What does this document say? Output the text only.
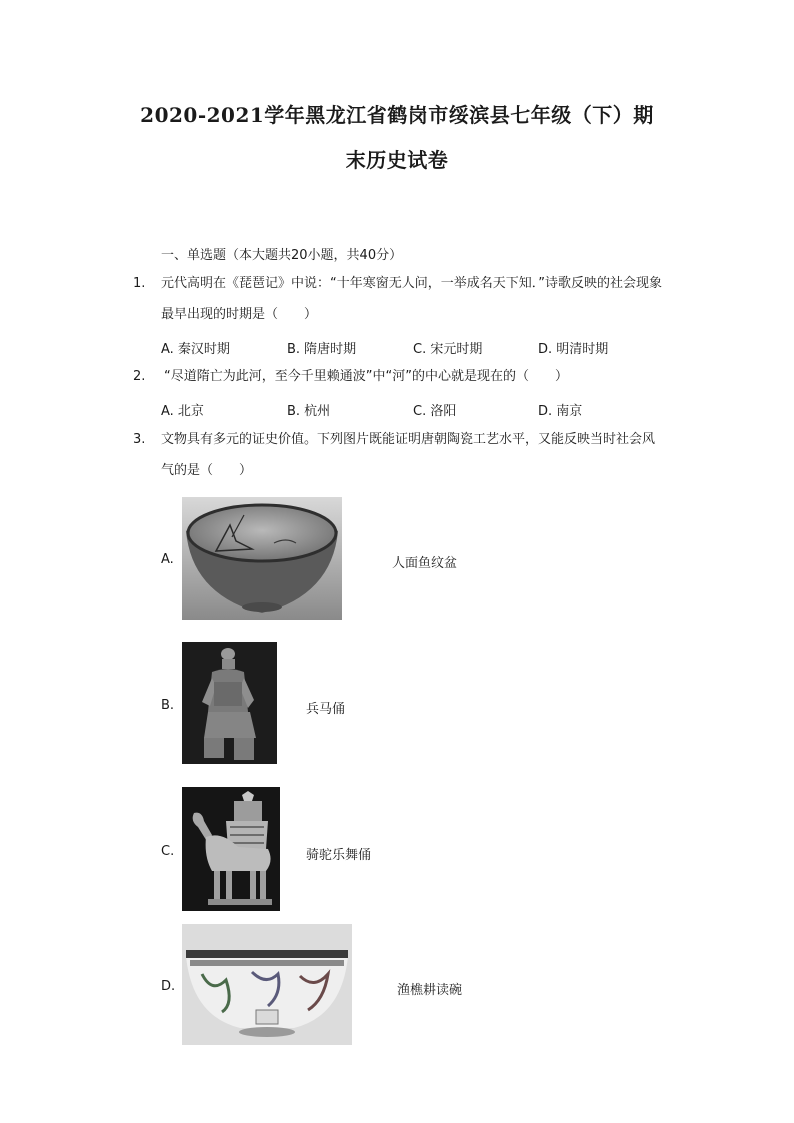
2020-2021学年黑龙江省鹤岗市绥滨县七年级（下）期
末历史试卷
一、单选题（本大题共20小题，共40分）
1. 元代高明在《琵琶记》中说：“十年寒窗无人问，一举成名天下知．”诗歌反映的社会现象最早出现的时期是（　　）
A. 秦汉时期	B. 隋唐时期	C. 宋元时期	D. 明清时期
2. “尽道隋亡为此河，至今千里赖通波”中“河”的中心就是现在的（　　）
A. 北京	B. 杭州	C. 洛阳	D. 南京
3. 文物具有多元的证史价值。下列图片既能证明唐朝陶瓷工艺水平，又能反映当时社会风气的是（　　）
A.	人面鱼纹盆
B.	兵马俑
C.	骑驼乐舞俑
D.	渔樵耕读碗
